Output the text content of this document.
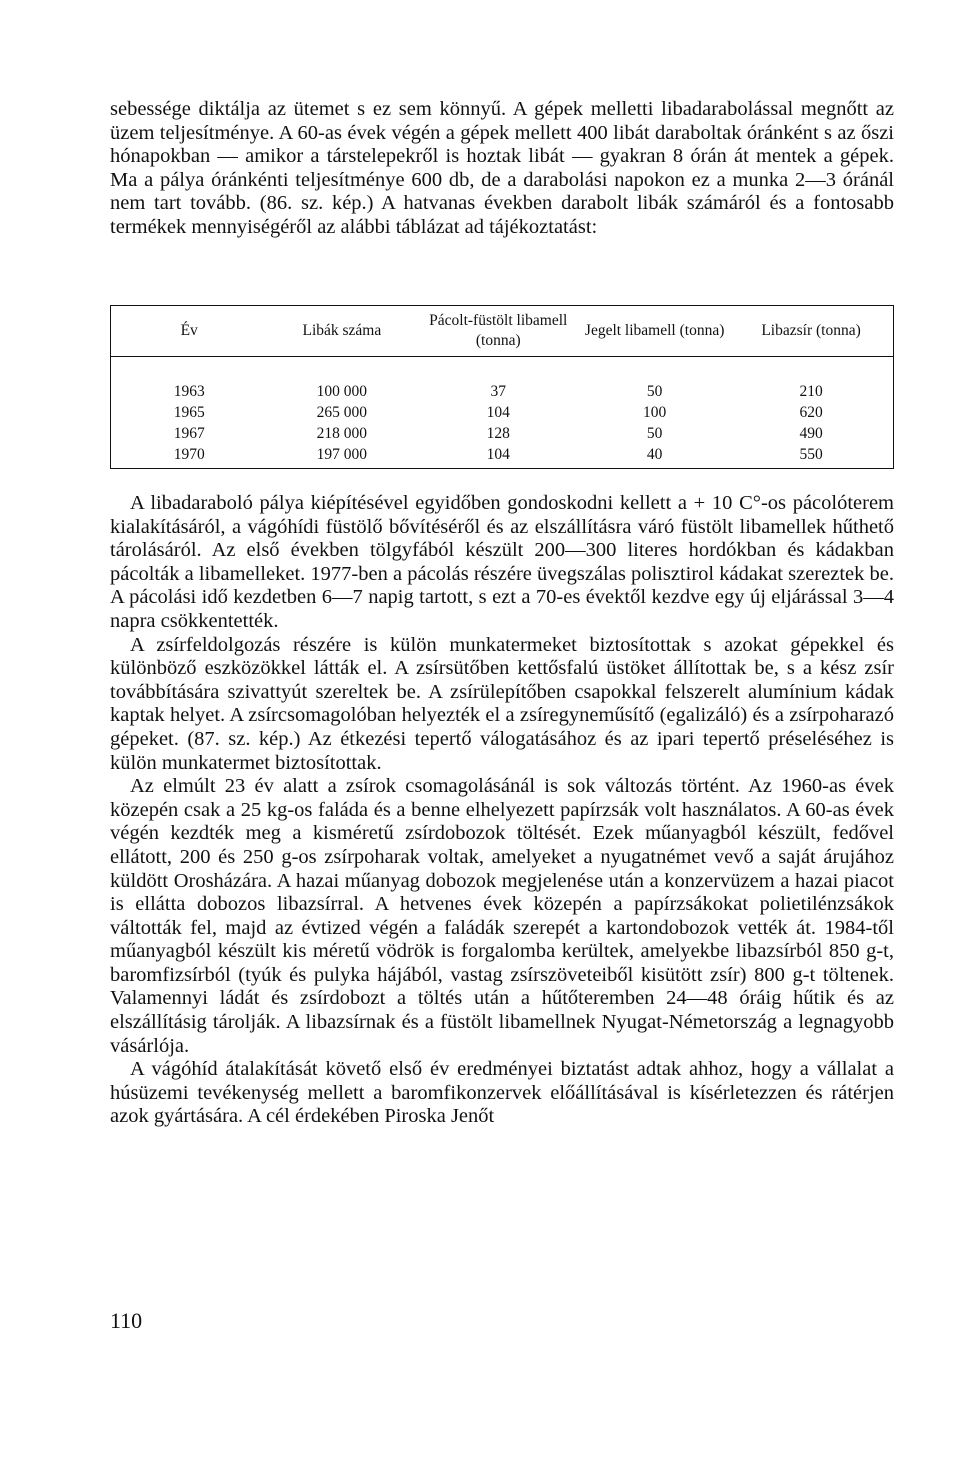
sebessége diktálja az ütemet s ez sem könnyű. A gépek melletti libadarabolással megnőtt az üzem teljesítménye. A 60-as évek végén a gépek mellett 400 libát daraboltak óránként s az őszi hónapokban — amikor a társtelepekről is hoztak libát — gyakran 8 órán át mentek a gépek. Ma a pálya óránkénti teljesítménye 600 db, de a darabolási napokon ez a munka 2—3 óránál nem tart tovább. (86. sz. kép.) A hatvanas években darabolt libák számáról és a fontosabb termékek mennyiségéről az alábbi táblázat ad tájékoztatást:

Év	Libák száma	Pácolt-füstölt libamell (tonna)	Jegelt libamell (tonna)	Libazsír (tonna)
1963	100 000	37	50	210
1965	265 000	104	100	620
1967	218 000	128	50	490
1970	197 000	104	40	550

A libadaraboló pálya kiépítésével egyidőben gondoskodni kellett a + 10 C°-os pácolóterem kialakításáról, a vágóhídi füstölő bővítéséről és az elszállításra váró füstölt libamellek hűthető tárolásáról. Az első években tölgyfából készült 200—300 literes hordókban és kádakban pácolták a libamelleket. 1977-ben a pácolás részére üvegszálas polisztirol kádakat szereztek be. A pácolási idő kezdetben 6—7 napig tartott, s ezt a 70-es évektől kezdve egy új eljárással 3—4 napra csökkentették.

A zsírfeldolgozás részére is külön munkatermeket biztosítottak s azokat gépekkel és különböző eszközökkel látták el. A zsírsütőben kettősfalú üstöket állítottak be, s a kész zsír továbbítására szivattyút szereltek be. A zsírülepítőben csapokkal felszerelt alumínium kádak kaptak helyet. A zsírcsomagolóban helyezték el a zsíregyneműsítő (egalizáló) és a zsírpoharazó gépeket. (87. sz. kép.) Az étkezési tepertő válogatásához és az ipari tepertő préseléséhez is külön munkatermet biztosítottak.

Az elmúlt 23 év alatt a zsírok csomagolásánál is sok változás történt. Az 1960-as évek közepén csak a 25 kg-os faláda és a benne elhelyezett papírzsák volt használatos. A 60-as évek végén kezdték meg a kisméretű zsírdobozok töltését. Ezek műanyagból készült, fedővel ellátott, 200 és 250 g-os zsírpoharak voltak, amelyeket a nyugatnémet vevő a saját árujához küldött Orosházára. A hazai műanyag dobozok megjelenése után a konzervüzem a hazai piacot is ellátta dobozos libazsírral. A hetvenes évek közepén a papírzsákokat polietilénzsákok váltották fel, majd az évtized végén a faládák szerepét a kartondobozok vették át. 1984-től műanyagból készült kis méretű vödrök is forgalomba kerültek, amelyekbe libazsírból 850 g-t, baromfizsírból (tyúk és pulyka hájából, vastag zsírszöveteiből kisütött zsír) 800 g-t töltenek. Valamennyi ládát és zsírdobozt a töltés után a hűtőteremben 24—48 óráig hűtik és az elszállításig tárolják. A libazsírnak és a füstölt libamellnek Nyugat-Németország a legnagyobb vásárlója.

A vágóhíd átalakítását követő első év eredményei biztatást adtak ahhoz, hogy a vállalat a húsüzemi tevékenység mellett a baromfikonzervek előállításával is kísérletezzen és rátérjen azok gyártására. A cél érdekében Piroska Jenőt

110
